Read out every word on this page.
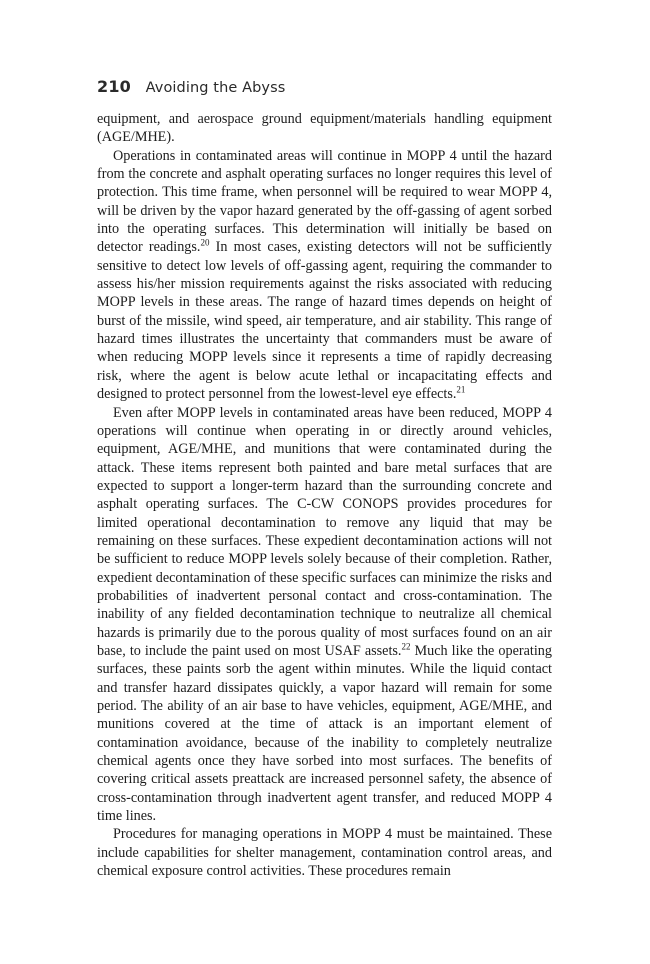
210 Avoiding the Abyss

equipment, and aerospace ground equipment/materials handling equipment (AGE/MHE).

Operations in contaminated areas will continue in MOPP 4 until the hazard from the concrete and asphalt operating surfaces no longer requires this level of protection. This time frame, when personnel will be required to wear MOPP 4, will be driven by the vapor hazard generated by the off-gassing of agent sorbed into the operating surfaces. This determination will initially be based on detector readings.$^{20}$ In most cases, existing detectors will not be sufficiently sensitive to detect low levels of off-gassing agent, requiring the commander to assess his/her mission requirements against the risks associated with reducing MOPP levels in these areas. The range of hazard times depends on height of burst of the missile, wind speed, air temperature, and air stability. This range of hazard times illustrates the uncertainty that commanders must be aware of when reducing MOPP levels since it represents a time of rapidly decreasing risk, where the agent is below acute lethal or incapacitating effects and designed to protect personnel from the lowest-level eye effects.$^{21}$

Even after MOPP levels in contaminated areas have been reduced, MOPP 4 operations will continue when operating in or directly around vehicles, equipment, AGE/MHE, and munitions that were contaminated during the attack. These items represent both painted and bare metal surfaces that are expected to support a longer-term hazard than the surrounding concrete and asphalt operating surfaces. The C-CW CONOPS provides procedures for limited operational decontamination to remove any liquid that may be remaining on these surfaces. These expedient decontamination actions will not be sufficient to reduce MOPP levels solely because of their completion. Rather, expedient decontamination of these specific surfaces can minimize the risks and probabilities of inadvertent personal contact and cross-contamination. The inability of any fielded decontamination technique to neutralize all chemical hazards is primarily due to the porous quality of most surfaces found on an air base, to include the paint used on most USAF assets.$^{22}$ Much like the operating surfaces, these paints sorb the agent within minutes. While the liquid contact and transfer hazard dissipates quickly, a vapor hazard will remain for some period. The ability of an air base to have vehicles, equipment, AGE/MHE, and munitions covered at the time of attack is an important element of contamination avoidance, because of the inability to completely neutralize chemical agents once they have sorbed into most surfaces. The benefits of covering critical assets preattack are increased personnel safety, the absence of cross-contamination through inadvertent agent transfer, and reduced MOPP 4 time lines.

Procedures for managing operations in MOPP 4 must be maintained. These include capabilities for shelter management, contamination control areas, and chemical exposure control activities. These procedures remain
